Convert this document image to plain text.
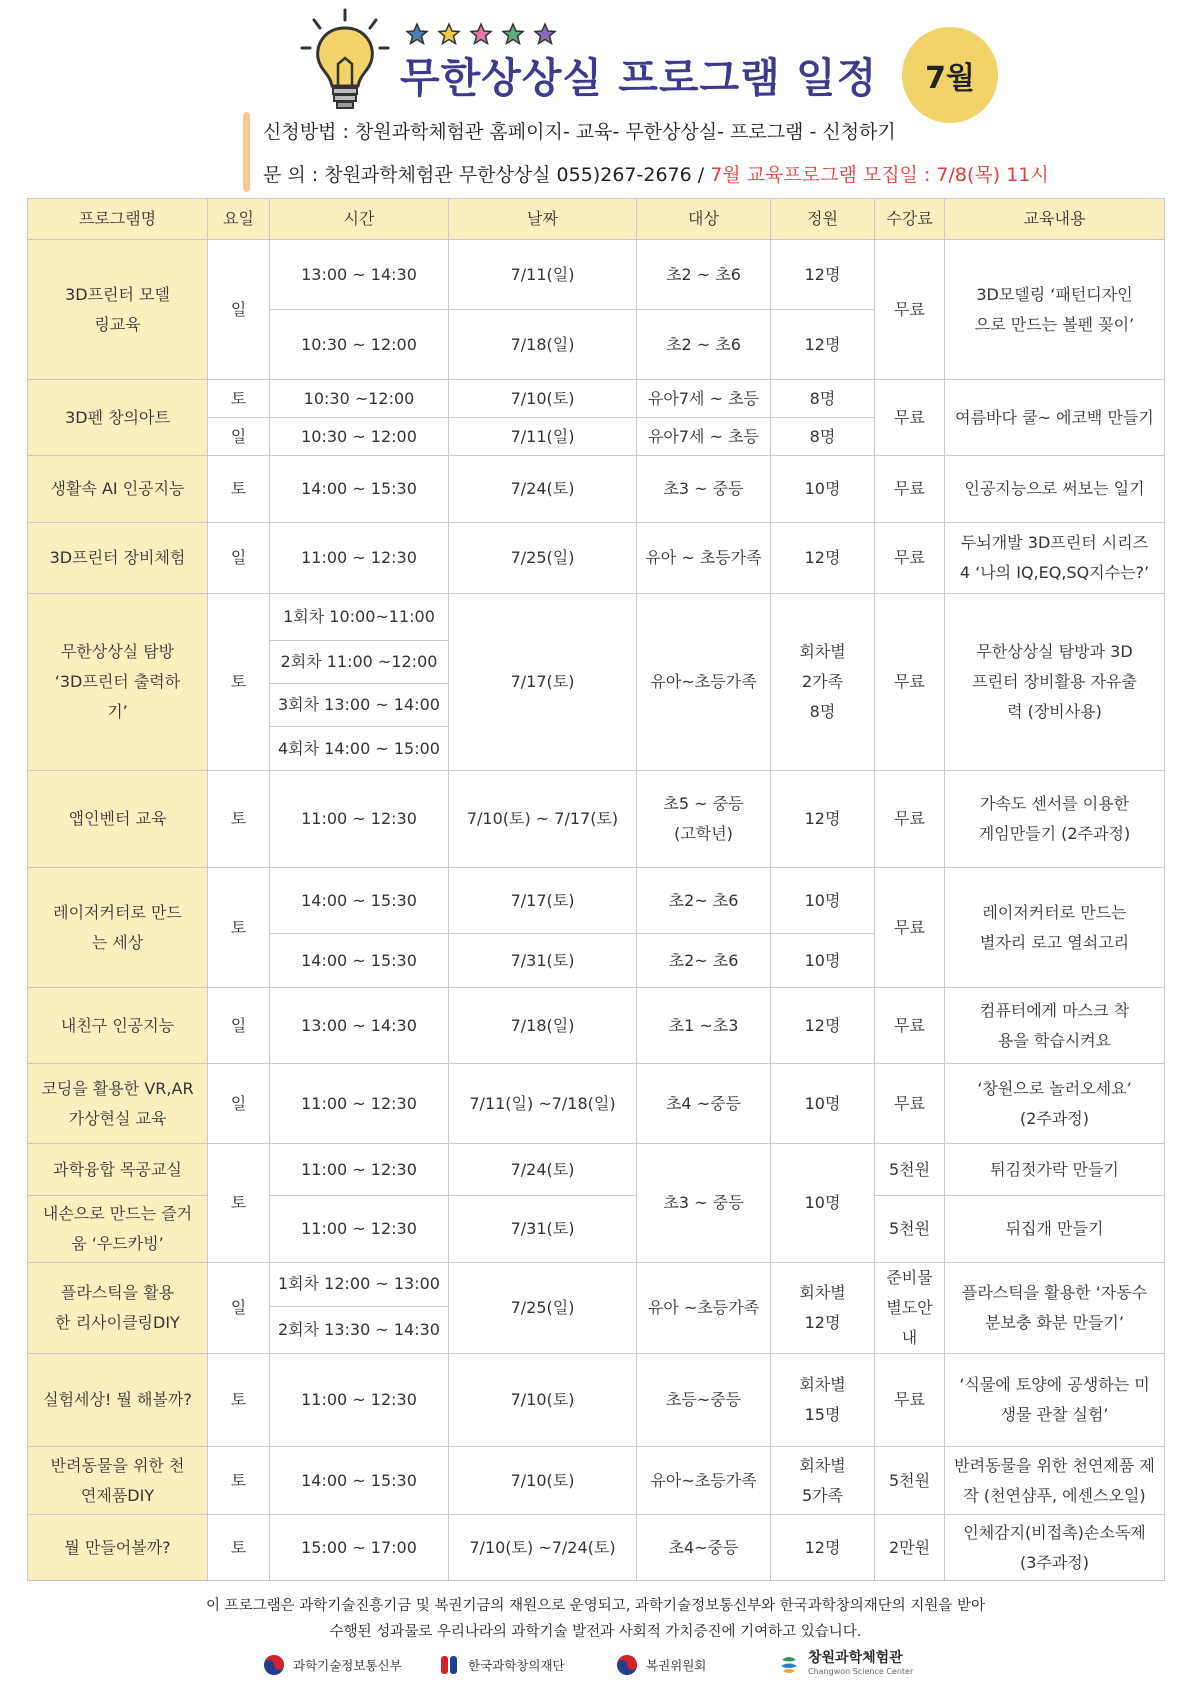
무한상상실 프로그램 일정	7월
신청방법 : 창원과학체험관 홈페이지- 교육- 무한상상실- 프로그램 - 신청하기
문 의 : 창원과학체험관 무한상상실 055)267-2676 / 7월 교육프로그램 모집일 : 7/8(목) 11시
프로그램명	요일	시간	날짜	대상	정원	수강료	교육내용
3D프린터 모델링교육	일	13:00 ~ 14:30	7/11(일)	초2 ~ 초6	12명	무료	3D모델링 ‘패턴디자인으로 만드는 볼펜 꽂이’
		10:30 ~ 12:00	7/18(일)	초2 ~ 초6	12명		
3D펜 창의아트	토	10:30 ~12:00	7/10(토)	유아7세 ~ 초등	8명	무료	여름바다 쿨~ 에코백 만들기
	일	10:30 ~ 12:00	7/11(일)	유아7세 ~ 초등	8명		
생활속 AI 인공지능	토	14:00 ~ 15:30	7/24(토)	초3 ~ 중등	10명	무료	인공지능으로 써보는 일기
3D프린터 장비체험	일	11:00 ~ 12:30	7/25(일)	유아 ~ 초등가족	12명	무료	두뇌개발 3D프린터 시리즈 4 ‘나의 IQ,EQ,SQ지수는?’
무한상상실 탐방 ‘3D프린터 출력하기’	토	1회차 10:00~11:00	7/17(토)	유아~초등가족	회차별 2가족 8명	무료	무한상상실 탐방과 3D프린터 장비활용 자유출력 (장비사용)
		2회차 11:00 ~12:00					
		3회차 13:00 ~ 14:00					
		4회차 14:00 ~ 15:00					
앱인벤터 교육	토	11:00 ~ 12:30	7/10(토) ~ 7/17(토)	초5 ~ 중등 (고학년)	12명	무료	가속도 센서를 이용한 게임만들기 (2주과정)
레이저커터로 만드는 세상	토	14:00 ~ 15:30	7/17(토)	초2~ 초6	10명	무료	레이저커터로 만드는 별자리 로고 열쇠고리
		14:00 ~ 15:30	7/31(토)	초2~ 초6	10명		
내친구 인공지능	일	13:00 ~ 14:30	7/18(일)	초1 ~초3	12명	무료	컴퓨터에게 마스크 착용을 학습시켜요
코딩을 활용한 VR,AR 가상현실 교육	일	11:00 ~ 12:30	7/11(일) ~7/18(일)	초4 ~중등	10명	무료	‘창원으로 놀러오세요’ (2주과정)
과학융합 목공교실	토	11:00 ~ 12:30	7/24(토)	초3 ~ 중등	10명	5천원	튀김젓가락 만들기
내손으로 만드는 즐거움 ‘우드카빙’		11:00 ~ 12:30	7/31(토)			5천원	뒤집개 만들기
플라스틱을 활용한 리사이클링DIY	일	1회차 12:00 ~ 13:00	7/25(일)	유아 ~초등가족	회차별 12명	준비물 별도안내	플라스틱을 활용한 ‘자동수분보충 화분 만들기’
		2회차 13:30 ~ 14:30					
실험세상! 뭘 해볼까?	토	11:00 ~ 12:30	7/10(토)	초등~중등	회차별 15명	무료	‘식물에 토양에 공생하는 미생물 관찰 실험’
반려동물을 위한 천연제품DIY	토	14:00 ~ 15:30	7/10(토)	유아~초등가족	회차별 5가족	5천원	반려동물을 위한 천연제품 제작 (천연샴푸, 에센스오일)
뭘 만들어볼까?	토	15:00 ~ 17:00	7/10(토) ~7/24(토)	초4~중등	12명	2만원	인체감지(비접촉)손소독제 (3주과정)
이 프로그램은 과학기술진흥기금 및 복권기금의 재원으로 운영되고, 과학기술정보통신부와 한국과학창의재단의 지원을 받아
수행된 성과물로 우리나라의 과학기술 발전과 사회적 가치증진에 기여하고 있습니다.
과학기술정보통신부	한국과학창의재단	복권위원회	창원과학체험관
Changwon Science Center
